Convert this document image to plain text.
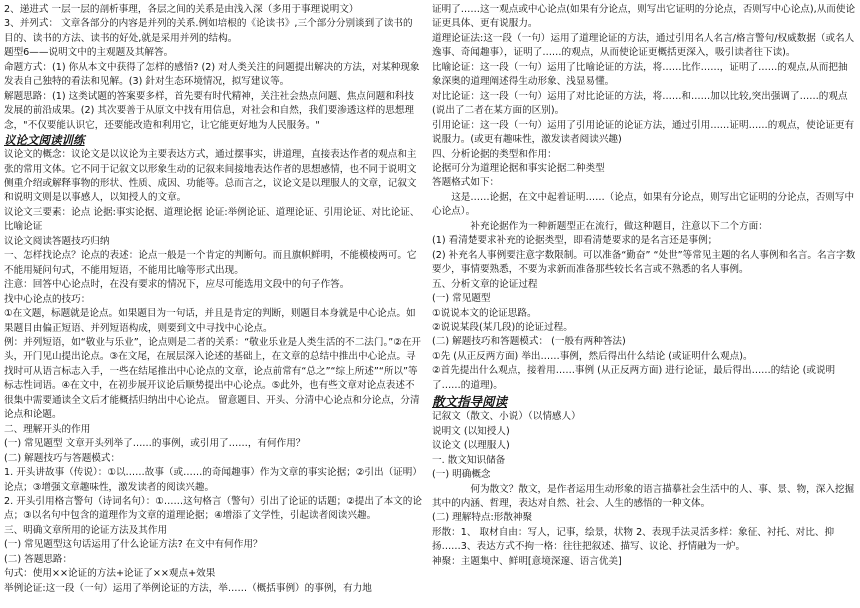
2、递进式 一层一层的剖析事理，各层之间的关系是由浅入深（多用于事理说明文）

3、并列式： 文章各部分的内容是并列的关系.例如培根的《论读书》,三个部分分别谈到了读书的目的、读书的方法、读书的好处,就是采用并列的结构。

题型6——说明文中的主观题及其解答。

命题方式：(1) 你从本文中获得了怎样的感悟? (2) 对人类关注的问题提出解决的方法，对某种现象发表自己独特的看法和见解。(3) 針对生态环境情况，拟写建议等。

解题思路：(1) 这类试题的答案要多样，首先要有时代精神，关注社会热点问题、焦点问题和科技发展的前沿成果。(2) 其次要善于从原文中找有用信息，对社会和自然，我们要渗透这样的思想理念，"不仅要能认识它，还要能改造和利用它，让它能更好地为人民服务。"

议论文阅读训练

议论文的概念：议论文是以议论为主要表达方式，通过摆事实，讲道理，直接表达作者的观点和主张的常用文体。它不同于记叙文以形象生动的记叙来间接地表达作者的思想感情，也不同于说明文侧重介绍或解释事物的形状、性质、成因、功能等。总而言之，议论文是以理服人的文章，记叙文和说明文则是以事感人，以知授人的文章。

议论文三要素：论点 论据:事实论据、道理论据 论证:举例论证、道理论证、引用论证、对比论证、比喻论证

议论文阅读答题技巧归纳

一、怎样找论点？论点的表述：论点一般是一个肯定的判断句。而且旗帜鲜明，不能模棱两可。它不能用疑问句式，不能用短语，不能用比喻等形式出现。

注意：回答中心论点时，在没有要求的情况下，应尽可能选用文段中的句子作答。

找中心论点的技巧：

①在文题，标题就是论点。如果题目为一句话，并且是肯定的判断，则题目本身就是中心论点。如果题目由偏正短语、并列短语构成，则要到文中寻找中心论点。

例：并列短语，如“敬业与乐业”，论点则是二者的关系：“敬业乐业是人类生活的不二法门。”②在开头，开门见山提出论点。③在文尾，在展层深入论述的基础上，在文章的总结中推出中心论点。寻找时可从语言标志入手，一些在结尾推出中心论点的文章，论点前常有“总之”“综上所述”“所以”等标志性词语。④在文中，在初步展开议论后顺势提出中心论点。⑤此外，也有些文章对论点表述不很集中需要通读全文后才能概括归纳出中心论点。 留意题目、开头、分清中心论点和分论点，分清论点和论题。

二、理解开头的作用

(一) 常见题型 文章开头列举了……的事例，或引用了……，有何作用？

(二) 解题技巧与答题模式：

1. 开头讲故事（传说）：①以……故事（或……的奇闻趣事）作为文章的事实论据；②引出（证明）论点；③增强文章趣味性，激发读者的阅读兴趣。

2. 开头引用格言警句（诗词名句）：①……这句格言（警句）引出了论证的话题；②提出了本文的论点；③以名句中包含的道理作为文章的道理论据；④增添了文学性，引起读者阅读兴趣。

三、明确文章所用的论证方法及其作用

(一) 常见题型这句话运用了什么论证方法? 在文中有何作用？

(二) 答题思路：

句式：使用××论证的方法+论证了××观点+效果

举例论证:这一段（一句）运用了举例论证的方法，举……（概括事例）的事例，有力地

证明了……这一观点或中心论点(如果有分论点，则写出它证明的分论点，否则写中心论点),从而使论证更具体、更有说服力。

道理论证法:这一段（一句）运用了道理论证的方法，通过引用名人名言/格言警句/权威数据（或名人逸事、奇闻趣事），证明了……的观点，从而使论证更概括更深入，吸引读者往下读)。

比喻论证：这一段（一句）运用了比喻论证的方法，将……比作……，证明了……的观点,从而把抽象深奥的道理阐述得生动形象、浅显易懂。

对比论证：这一段（一句）运用了对比论证的方法，将……和……加以比较,突出强调了……的观点(说出了二者在某方面的区别)。

引用论证：这一段（一句）运用了引用论证的论证方法，通过引用……证明……的观点，使论证更有说服力。(或更有趣味性，激发读者阅读兴趣)

四、分析论据的类型和作用：

论据可分为道理论据和事实论据二种类型

答题格式如下：

这是……论据，在文中起着证明……（论点，如果有分论点，则写出它证明的分论点，否则写中心论点）。

补充论据作为一种新题型正在流行，做这种题目，注意以下二个方面：

(1) 看清楚要求补充的论据类型，即看清楚要求的是名言还是事例；

(2) 补充名人事例要注意字数限制。可以准备“勤奋” “处世”等常见主题的名人事例和名言。名言字数要少，事情要熟悉，不要为求新而准备那些较长名言或不熟悉的名人事例。

五、分析文章的论证过程

(一) 常见题型

①说说本文的论证思路。

②说说某段(某几段)的论证过程。

(二) 解题技巧和答题模式： (一般有两种答法)

①先 (从正反两方面) 举出……事例，然后得出什么结论 (或证明什么观点)。

②首先提出什么观点，接着用……事例 (从正反两方面) 进行论证，最后得出……的结论 (或说明了……的道理)。

散文指导阅读

记叙文（散文、小说）（以情感人）

说明文 (以知授人)

议论文 (以理服人)

一. 散文知识储备

(一) 明确概念

何为散文？散文，是作者运用生动形象的语言描摹社会生活中的人、事、景、物，深入挖掘其中的内涵、哲理，表达对自然、社会、人生的感悟的一种文体。

(二) 理解特点:形散神聚

形散：1、 取材自由：写人，记事，绘景，状物 2、表现手法灵活多样：象征、衬托、对比、抑扬……3、表达方式不拘一格：往往把叙述、描写、议论、抒情融为一炉。

神聚：主题集中、鲜明[意境深邃、语言优美]
